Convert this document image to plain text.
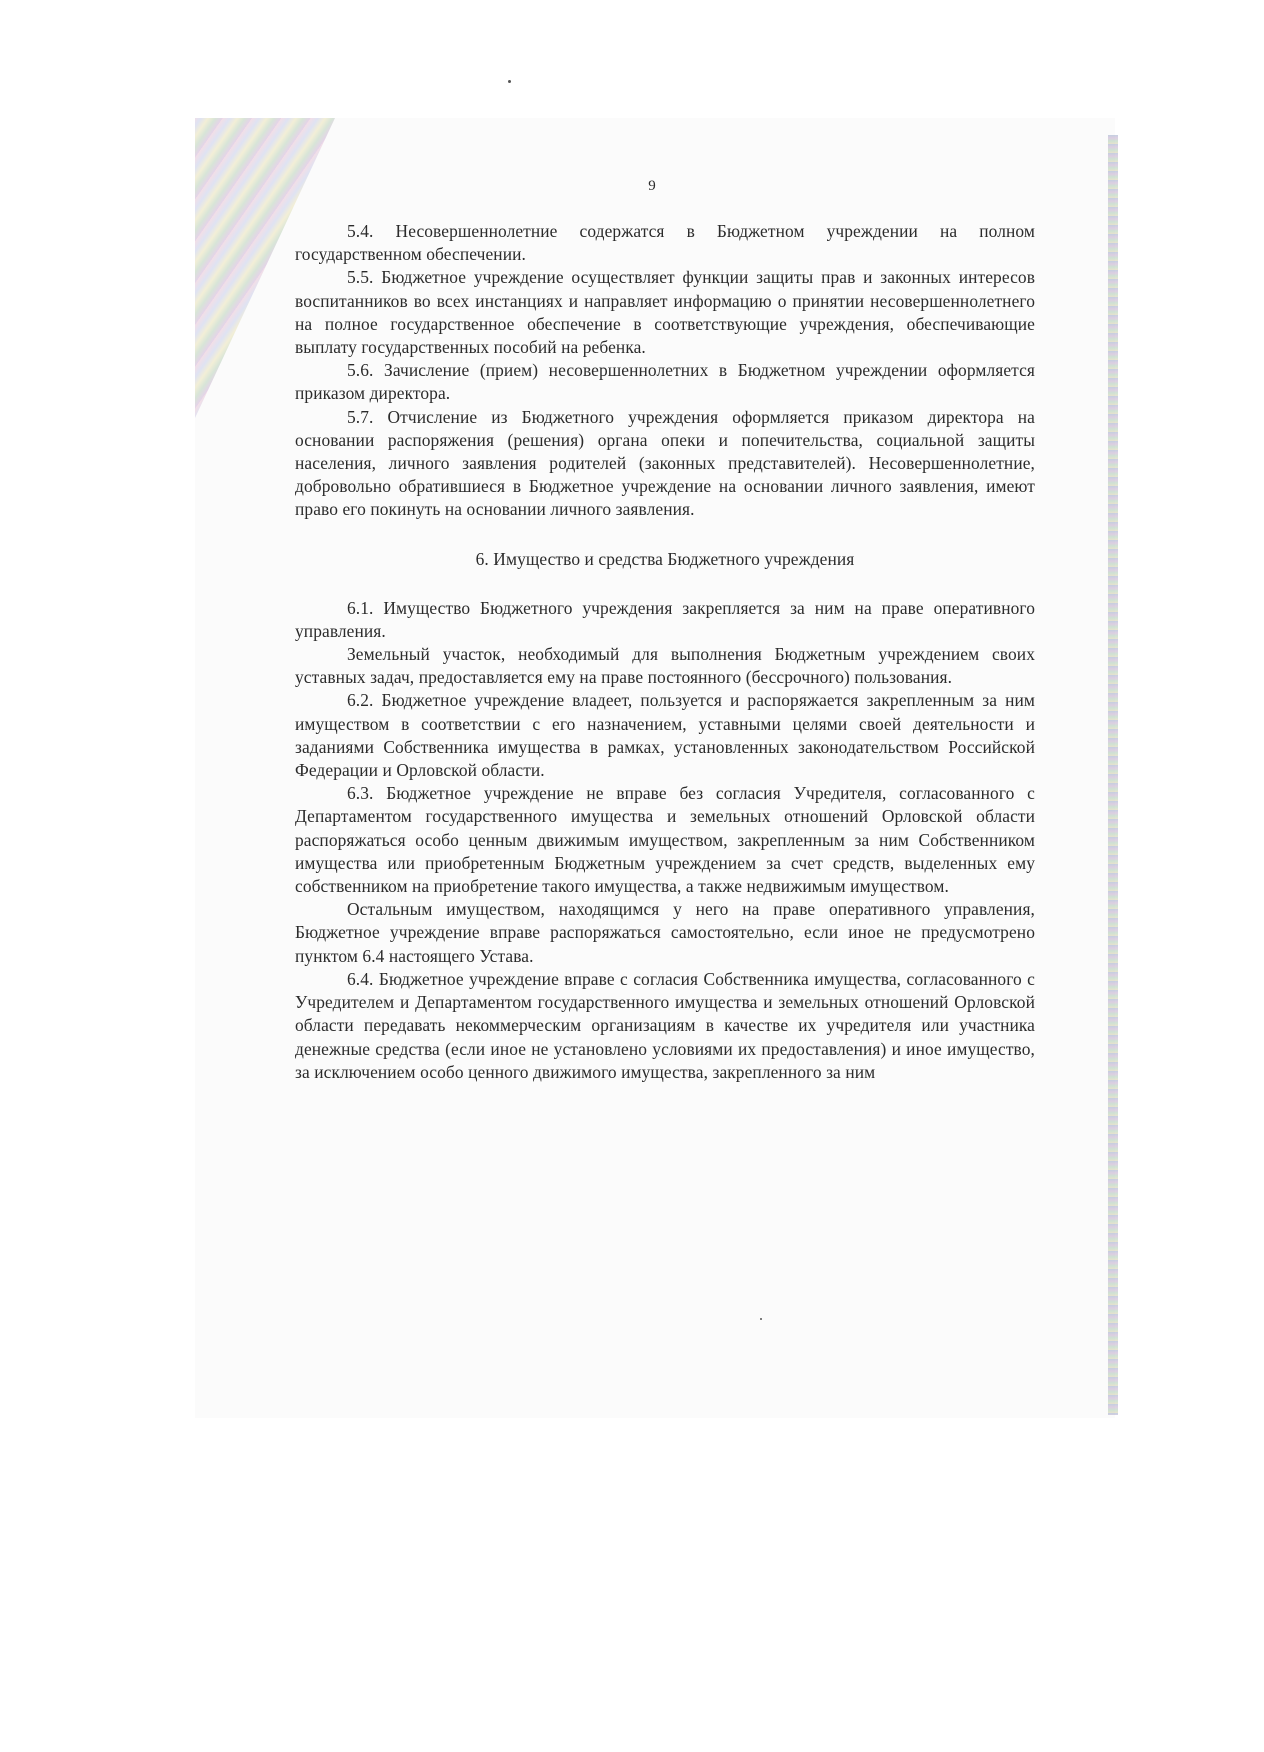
9

5.4. Несовершеннолетние содержатся в Бюджетном учреждении на полном государственном обеспечении.

5.5. Бюджетное учреждение осуществляет функции защиты прав и законных интересов воспитанников во всех инстанциях и направляет информацию о принятии несовершеннолетнего на полное государственное обеспечение в соответствующие учреждения, обеспечивающие выплату государственных пособий на ребенка.

5.6. Зачисление (прием) несовершеннолетних в Бюджетном учреждении оформляется приказом директора.

5.7. Отчисление из Бюджетного учреждения оформляется приказом директора на основании распоряжения (решения) органа опеки и попечительства, социальной защиты населения, личного заявления родителей (законных представителей). Несовершеннолетние, добровольно обратившиеся в Бюджетное учреждение на основании личного заявления, имеют право его покинуть на основании личного заявления.

6. Имущество и средства Бюджетного учреждения

6.1. Имущество Бюджетного учреждения закрепляется за ним на праве оперативного управления.

Земельный участок, необходимый для выполнения Бюджетным учреждением своих уставных задач, предоставляется ему на праве постоянного (бессрочного) пользования.

6.2. Бюджетное учреждение владеет, пользуется и распоряжается закрепленным за ним имуществом в соответствии с его назначением, уставными целями своей деятельности и заданиями Собственника имущества в рамках, установленных законодательством Российской Федерации и Орловской области.

6.3. Бюджетное учреждение не вправе без согласия Учредителя, согласованного с Департаментом государственного имущества и земельных отношений Орловской области распоряжаться особо ценным движимым имуществом, закрепленным за ним Собственником имущества или приобретенным Бюджетным учреждением за счет средств, выделенных ему собственником на приобретение такого имущества, а также недвижимым имуществом.

Остальным имуществом, находящимся у него на праве оперативного управления, Бюджетное учреждение вправе распоряжаться самостоятельно, если иное не предусмотрено пунктом 6.4 настоящего Устава.

6.4. Бюджетное учреждение вправе с согласия Собственника имущества, согласованного с Учредителем и Департаментом государственного имущества и земельных отношений Орловской области передавать некоммерческим организациям в качестве их учредителя или участника денежные средства (если иное не установлено условиями их предоставления) и иное имущество, за исключением особо ценного движимого имущества, закрепленного за ним
